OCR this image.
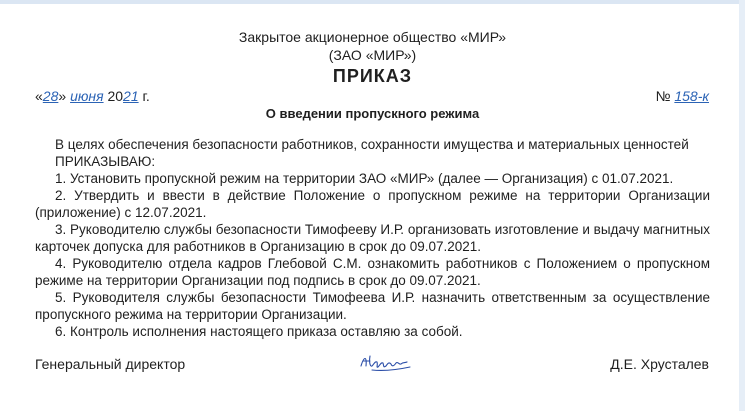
Закрытое акционерное общество «МИР»
(ЗАО «МИР»)
ПРИКАЗ
«28» июня 2021 г.	№ 158-к
О введении пропускного режима

В целях обеспечения безопасности работников, сохранности имущества и материальных ценностей

ПРИКАЗЫВАЮ:

1. Установить пропускной режим на территории ЗАО «МИР» (далее — Организация) с 01.07.2021.

2. Утвердить и ввести в действие Положение о пропускном режиме на территории Организации (приложение) с 12.07.2021.

3. Руководителю службы безопасности Тимофееву И.Р. организовать изготовление и выдачу магнитных карточек допуска для работников в Организацию в срок до 09.07.2021.

4. Руководителю отдела кадров Глебовой С.М. ознакомить работников с Положением о пропускном режиме на территории Организации под подпись в срок до 09.07.2021.

5. Руководителя службы безопасности Тимофеева И.Р. назначить ответственным за осуществление пропускного режима на территории Организации.

6. Контроль исполнения настоящего приказа оставляю за собой.

Генеральный директор	Д.Е. Хрусталев
